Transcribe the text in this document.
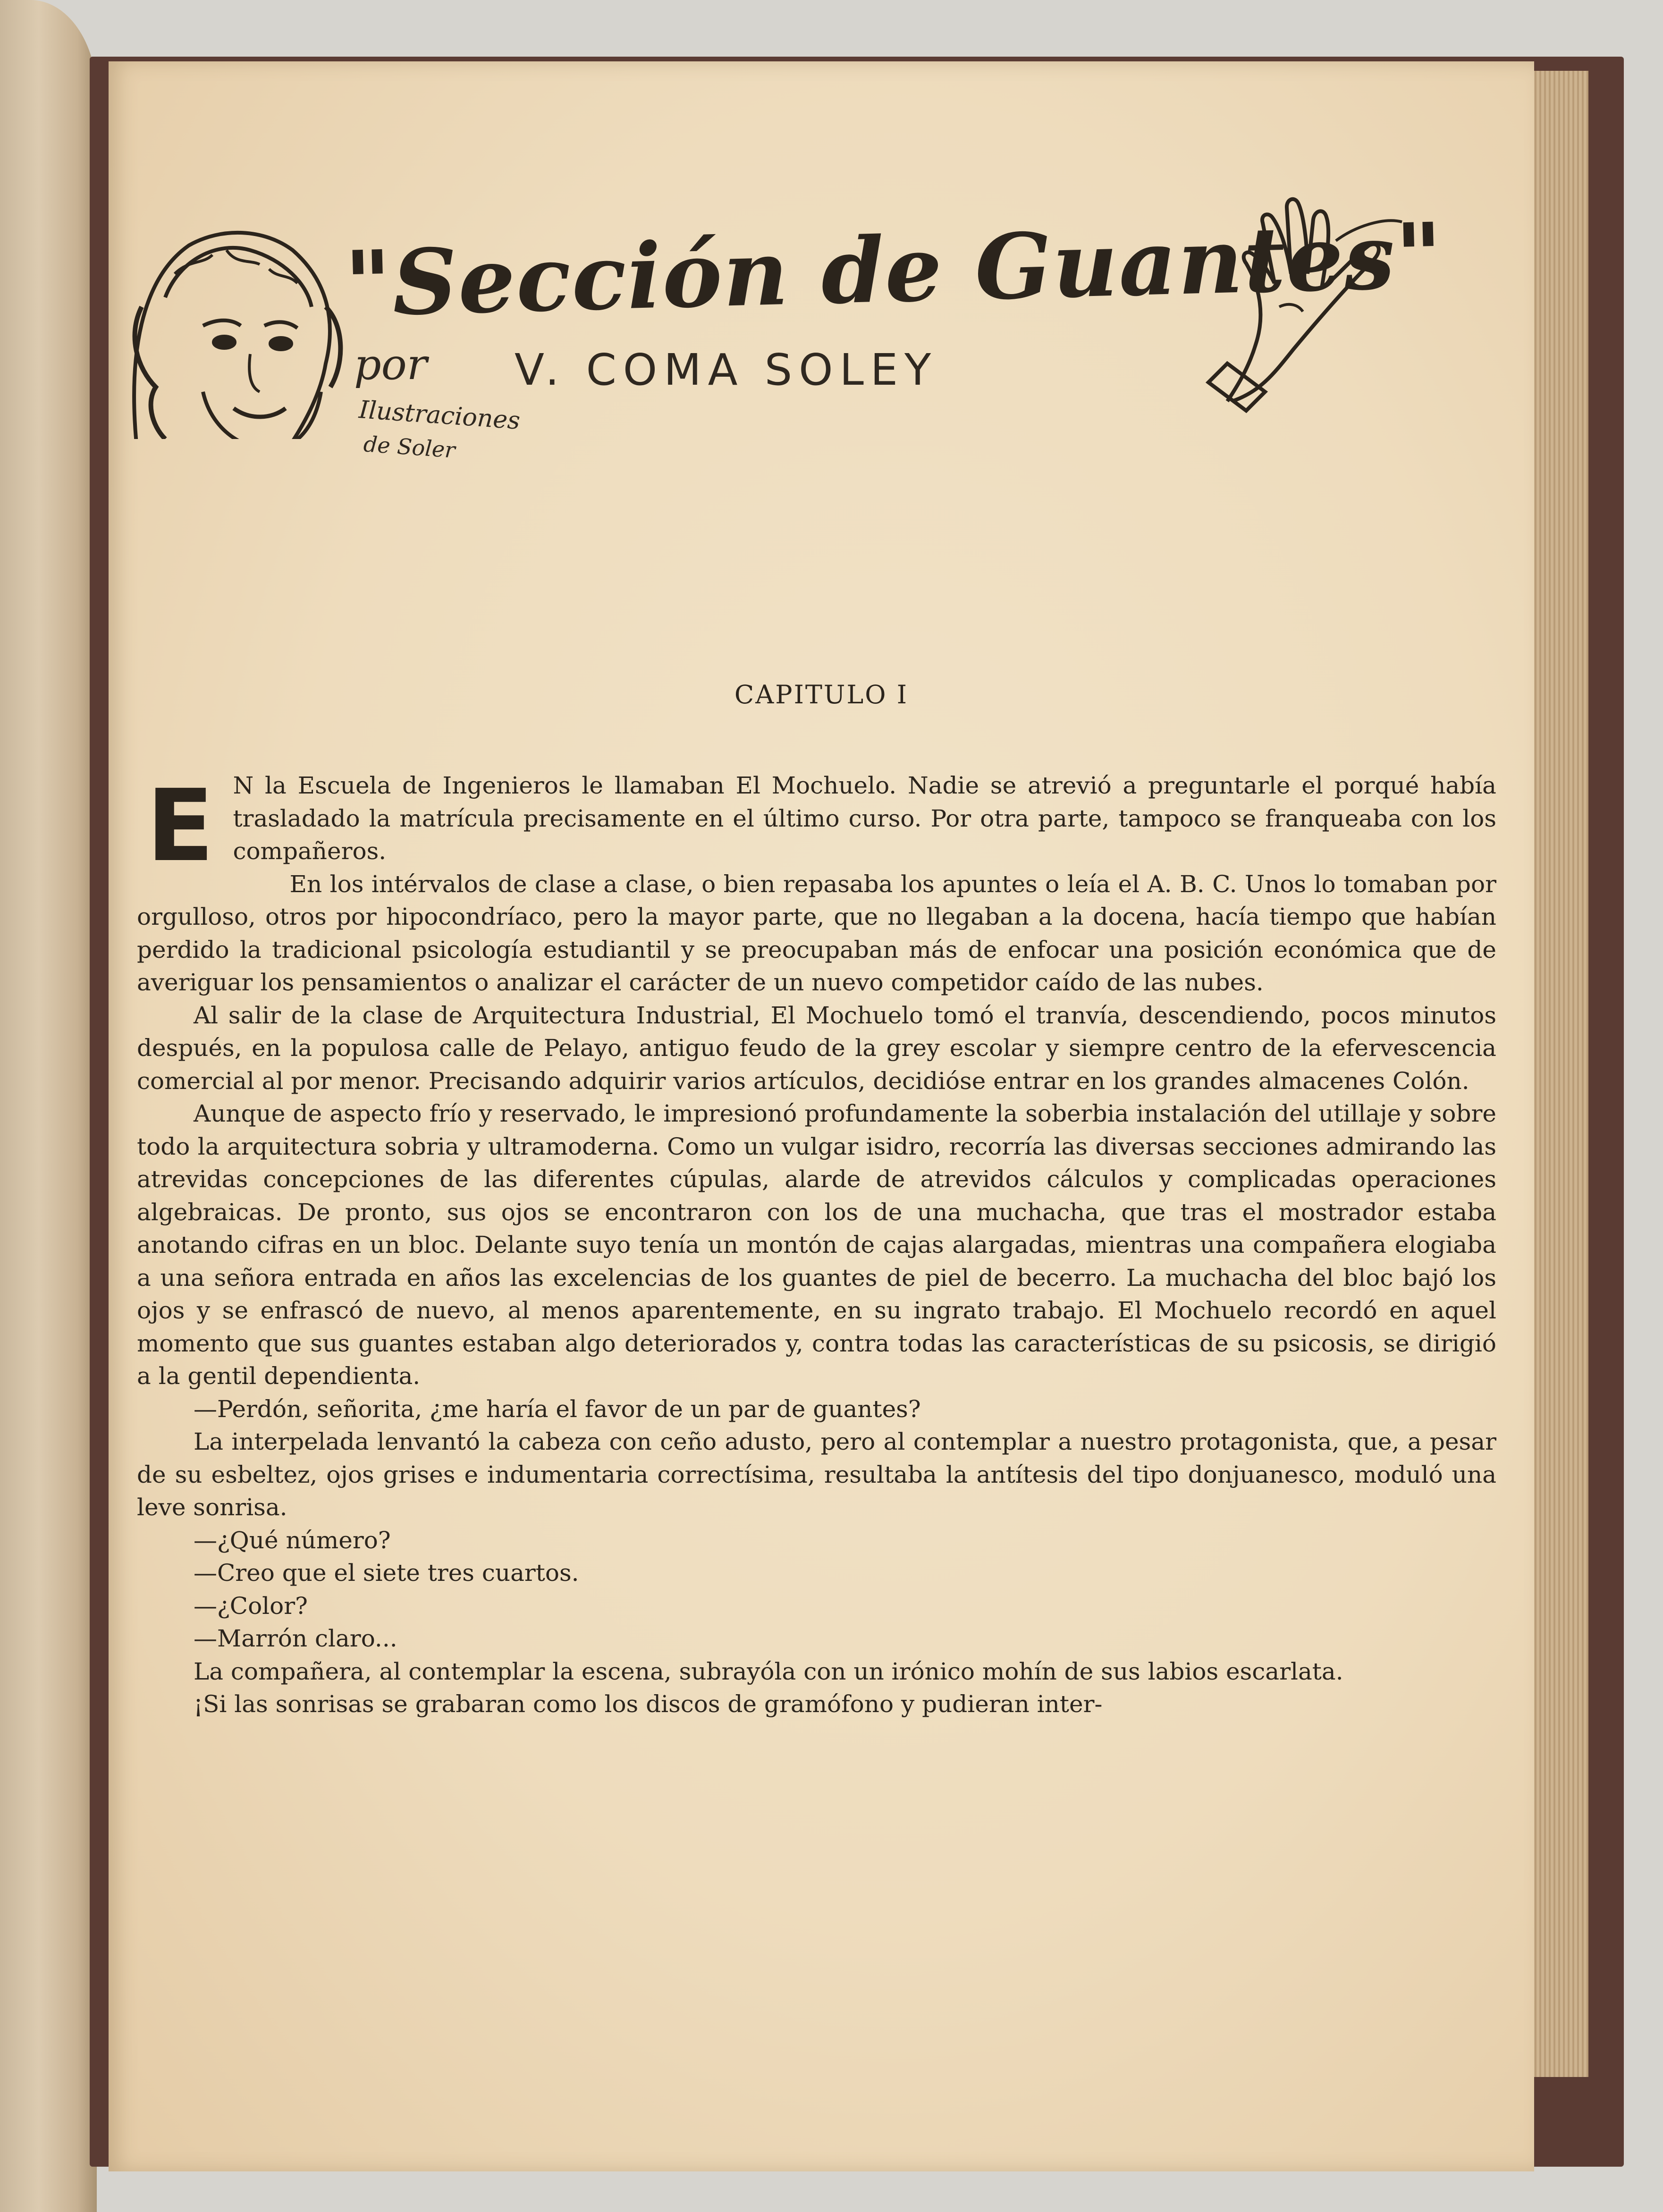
"Sección de Guantes"
por V. COMA SOLEY
Ilustraciones
de Soler
CAPITULO I

E N la Escuela de Ingenieros le llamaban El Mochuelo. Nadie se atrevió a preguntarle el porqué había trasladado la matrícula precisamente en el último curso. Por otra parte, tampoco se franqueaba con los compañeros.

En los intérvalos de clase a clase, o bien repasaba los apuntes o leía el A. B. C. Unos lo tomaban por orgulloso, otros por hipocondríaco, pero la mayor parte, que no llegaban a la docena, hacía tiempo que habían perdido la tradicional psicología estudiantil y se preocupaban más de enfocar una posición económica que de averiguar los pensamientos o analizar el carácter de un nuevo competidor caído de las nubes.

Al salir de la clase de Arquitectura Industrial, El Mochuelo tomó el tranvía, descendiendo, pocos minutos después, en la populosa calle de Pelayo, antiguo feudo de la grey escolar y siempre centro de la efervescencia comercial al por menor. Precisando adquirir varios artículos, decidióse entrar en los grandes almacenes Colón.

Aunque de aspecto frío y reservado, le impresionó profundamente la soberbia instalación del utillaje y sobre todo la arquitectura sobria y ultramoderna. Como un vulgar isidro, recorría las diversas secciones admirando las atrevidas concepciones de las diferentes cúpulas, alarde de atrevidos cálculos y complicadas operaciones algebraicas. De pronto, sus ojos se encontraron con los de una muchacha, que tras el mostrador estaba anotando cifras en un bloc. Delante suyo tenía un montón de cajas alargadas, mientras una compañera elogiaba a una señora entrada en años las excelencias de los guantes de piel de becerro. La muchacha del bloc bajó los ojos y se enfrascó de nuevo, al menos aparentemente, en su ingrato trabajo. El Mochuelo recordó en aquel momento que sus guantes estaban algo deteriorados y, contra todas las características de su psicosis, se dirigió a la gentil dependienta.

—Perdón, señorita, ¿me haría el favor de un par de guantes?

La interpelada lenvantó la cabeza con ceño adusto, pero al contemplar a nuestro protagonista, que, a pesar de su esbeltez, ojos grises e indumentaria correctísima, resultaba la antítesis del tipo donjuanesco, moduló una leve sonrisa.

—¿Qué número?

—Creo que el siete tres cuartos.

—¿Color?

—Marrón claro...

La compañera, al contemplar la escena, subrayóla con un irónico mohín de sus labios escarlata.

¡Si las sonrisas se grabaran como los discos de gramófono y pudieran inter-
